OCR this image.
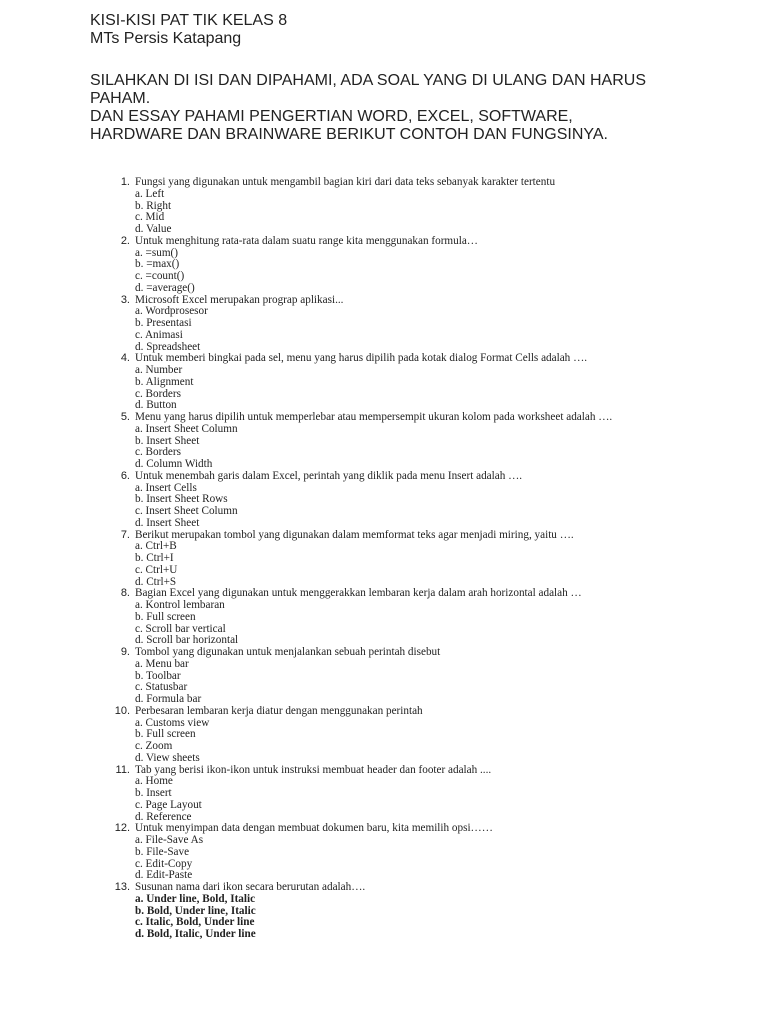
KISI-KISI PAT TIK KELAS 8
MTs Persis Katapang
SILAHKAN DI ISI DAN DIPAHAMI, ADA SOAL YANG DI ULANG DAN HARUS
PAHAM.
DAN ESSAY PAHAMI PENGERTIAN WORD, EXCEL, SOFTWARE,
HARDWARE DAN BRAINWARE BERIKUT CONTOH DAN FUNGSINYA.
1. Fungsi yang digunakan untuk mengambil bagian kiri dari data teks sebanyak karakter tertentu
a. Left
b. Right
c. Mid
d. Value
2. Untuk menghitung rata-rata dalam suatu range kita menggunakan formula…
a. =sum()
b. =max()
c. =count()
d. =average()
3. Microsoft Excel merupakan prograp aplikasi...
a. Wordprosesor
b. Presentasi
c. Animasi
d. Spreadsheet
4. Untuk memberi bingkai pada sel, menu yang harus dipilih pada kotak dialog Format Cells adalah ….
a. Number
b. Alignment
c. Borders
d. Button
5. Menu yang harus dipilih untuk memperlebar atau mempersempit ukuran kolom pada worksheet adalah ….
a. Insert Sheet Column
b. Insert Sheet
c. Borders
d. Column Width
6. Untuk menembah garis dalam Excel, perintah yang diklik pada menu Insert adalah ….
a. Insert Cells
b. Insert Sheet Rows
c. Insert Sheet Column
d. Insert Sheet
7. Berikut merupakan tombol yang digunakan dalam memformat teks agar menjadi miring, yaitu ….
a. Ctrl+B
b. Ctrl+I
c. Ctrl+U
d. Ctrl+S
8. Bagian Excel yang digunakan untuk menggerakkan lembaran kerja dalam arah horizontal adalah …
a. Kontrol lembaran
b. Full screen
c. Scroll bar vertical
d. Scroll bar horizontal
9. Tombol yang digunakan untuk menjalankan sebuah perintah disebut
a. Menu bar
b. Toolbar
c. Statusbar
d. Formula bar
10. Perbesaran lembaran kerja diatur dengan menggunakan perintah
a. Customs view
b. Full screen
c. Zoom
d. View sheets
11. Tab yang berisi ikon-ikon untuk instruksi membuat header dan footer adalah ....
a. Home
b. Insert
c. Page Layout
d. Reference
12. Untuk menyimpan data dengan membuat dokumen baru, kita memilih opsi……
a. File-Save As
b. File-Save
c. Edit-Copy
d. Edit-Paste
13. Susunan nama dari ikon secara berurutan adalah….
a. Under line, Bold, Italic
b. Bold, Under line, Italic
c. Italic, Bold, Under line
d. Bold, Italic, Under line
